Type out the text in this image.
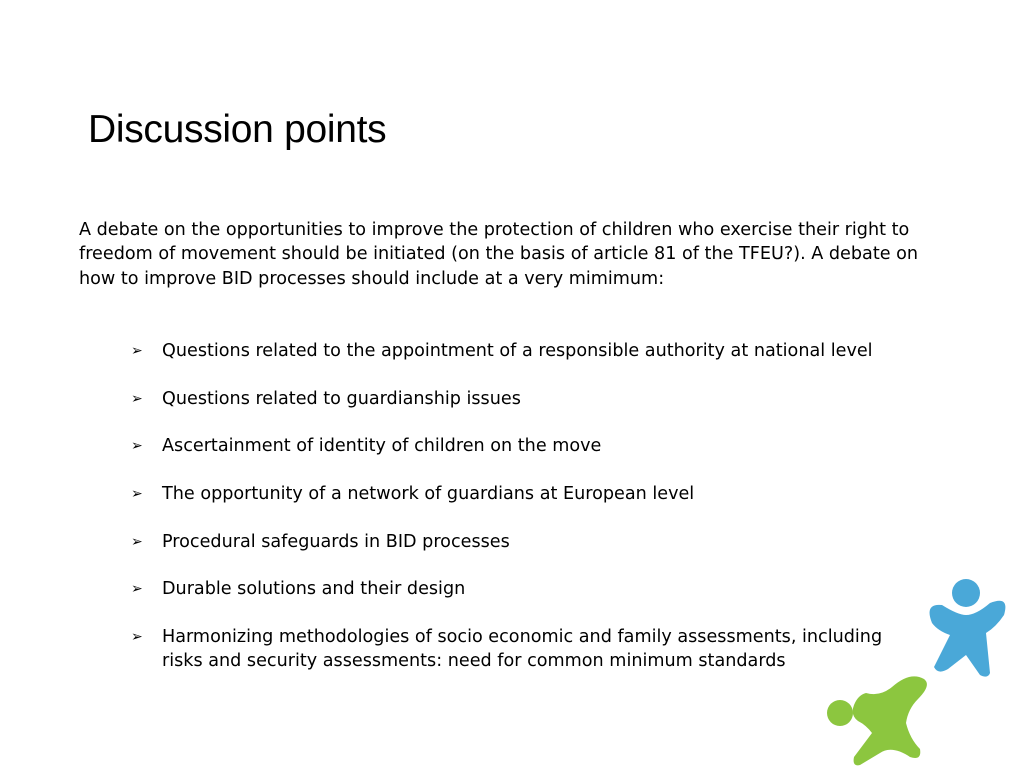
Discussion points

A debate on the opportunities to improve the protection of children who exercise their right to freedom of movement should be initiated (on the basis of article 81 of the TFEU?). A debate on how to improve BID processes should include at a very mimimum:

➢ Questions related to the appointment of a responsible authority at national level
➢ Questions related to guardianship issues
➢ Ascertainment of identity of children on the move
➢ The opportunity of a network of guardians at European level
➢ Procedural safeguards in BID processes
➢ Durable solutions and their design
➢ Harmonizing methodologies of socio economic and family assessments, including risks and security assessments: need for common minimum standards
